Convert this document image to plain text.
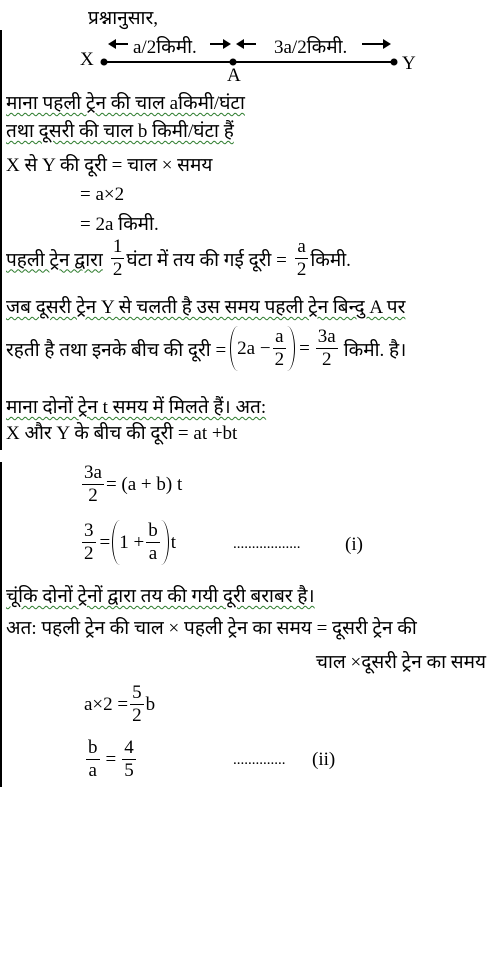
प्रश्नानुसार,
X	Y
A
a/2किमी.	3a/2किमी.
माना पहली ट्रेन की चाल aकिमी/घंटा
तथा दूसरी की चाल b किमी/घंटा हैं
X से Y की दूरी = चाल × समय
= a×2
= 2a किमी.
पहली ट्रेन द्वारा $\frac{1}{2}$ घंटा में तय की गई दूरी = $\frac{a}{2}$ किमी.
जब दूसरी ट्रेन Y से चलती है उस समय पहली ट्रेन बिन्दु A पर
रहती है तथा इनके बीच की दूरी = $2a - \frac{a}{2} = \frac{3a}{2}$ किमी. है।
माना दोनों ट्रेन t समय में मिलते हैं। अत:
X और Y के बीच की दूरी = at +bt
$\frac{3a}{2} = (a + b)$ t
$\frac{3}{2} = 1 + \frac{b}{a}$ t	.................. (i)
चूंकि दोनों ट्रेनों द्वारा तय की गयी दूरी बराबर है।
अत: पहली ट्रेन की चाल × पहली ट्रेन का समय = दूसरी ट्रेन की
चाल ×दूसरी ट्रेन का समय
$a\times 2 = \frac{5}{2}$ b
$\frac{b}{a} = \frac{4}{5}$	.............. (ii)
